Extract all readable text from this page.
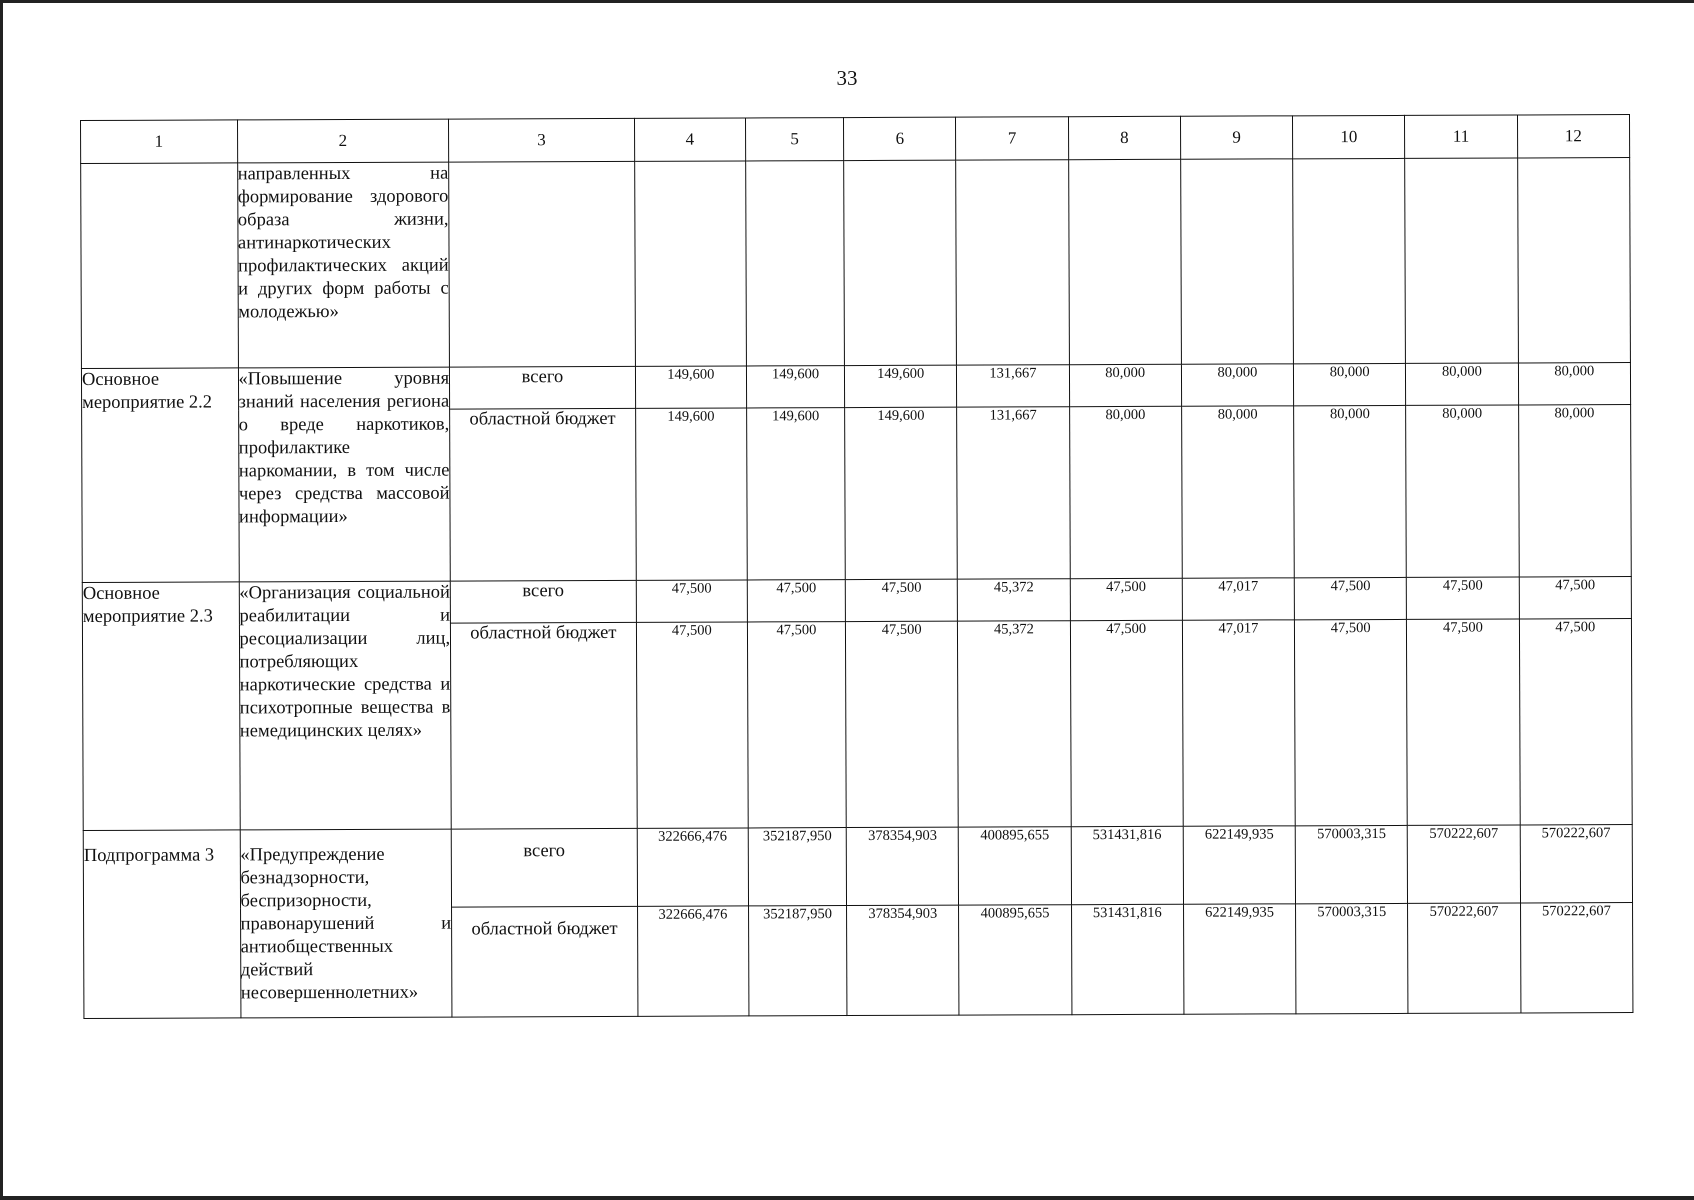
33
1	2	3	4	5	6	7	8	9	10	11	12

	направленных на формирование здорового образа жизни, антинаркотических профилактических акций и других форм работы с молодежью»										

Основное мероприятие 2.2	«Повышение уровня знаний населения региона о вреде наркотиков, профилактике наркомании, в том числе через средства массовой информации»	всего	149,600	149,600	149,600	131,667	80,000	80,000	80,000	80,000	80,000
		областной бюджет	149,600	149,600	149,600	131,667	80,000	80,000	80,000	80,000	80,000
Основное мероприятие 2.3	«Организация социальной реабилитации и ресоциализации лиц, потребляющих наркотические средства и психотропные вещества в немедицинских целях»	всего	47,500	47,500	47,500	45,372	47,500	47,017	47,500	47,500	47,500
		областной бюджет	47,500	47,500	47,500	45,372	47,500	47,017	47,500	47,500	47,500
Подпрограмма 3	«Предупреждение безнадзорности, беспризорности, правонарушений и антиобщественных действий несовершеннолетних»	всего	322666,476	352187,950	378354,903	400895,655	531431,816	622149,935	570003,315	570222,607	570222,607
		областной бюджет	322666,476	352187,950	378354,903	400895,655	531431,816	622149,935	570003,315	570222,607	570222,607
